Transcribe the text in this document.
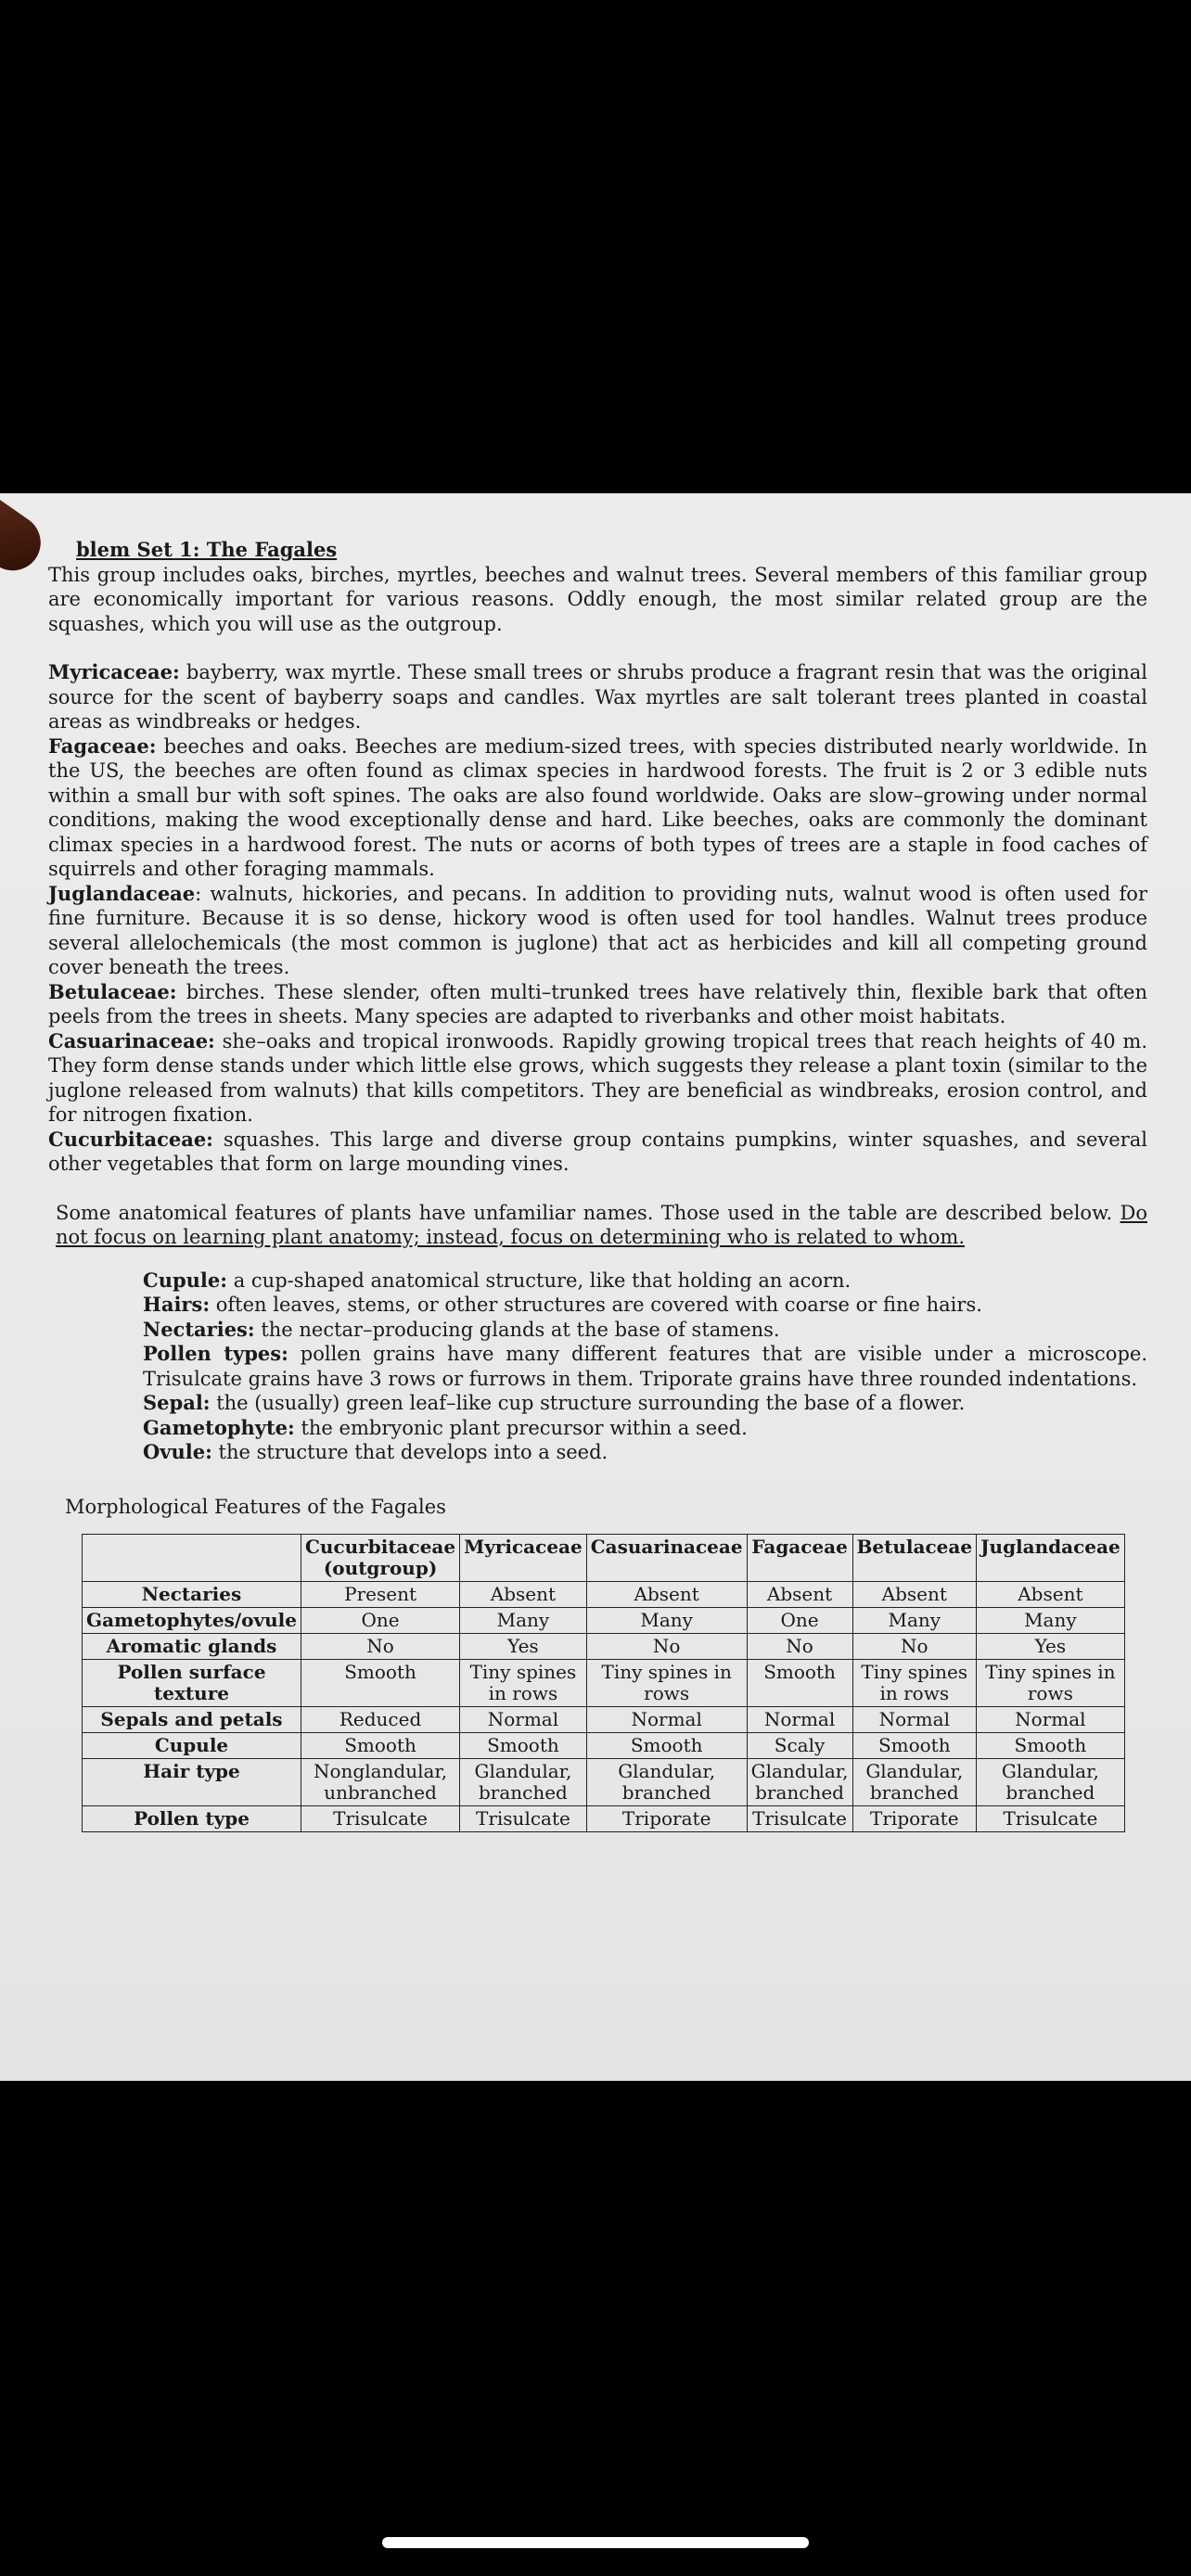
blem Set 1: The Fagales

This group includes oaks, birches, myrtles, beeches and walnut trees. Several members of this familiar group are economically important for various reasons. Oddly enough, the most similar related group are the squashes, which you will use as the outgroup.

Myricaceae: bayberry, wax myrtle. These small trees or shrubs produce a fragrant resin that was the original source for the scent of bayberry soaps and candles. Wax myrtles are salt tolerant trees planted in coastal areas as windbreaks or hedges.

Fagaceae: beeches and oaks. Beeches are medium-sized trees, with species distributed nearly worldwide. In the US, the beeches are often found as climax species in hardwood forests. The fruit is 2 or 3 edible nuts within a small bur with soft spines. The oaks are also found worldwide. Oaks are slow–growing under normal conditions, making the wood exceptionally dense and hard. Like beeches, oaks are commonly the dominant climax species in a hardwood forest. The nuts or acorns of both types of trees are a staple in food caches of squirrels and other foraging mammals.

Juglandaceae: walnuts, hickories, and pecans. In addition to providing nuts, walnut wood is often used for fine furniture. Because it is so dense, hickory wood is often used for tool handles. Walnut trees produce several allelochemicals (the most common is juglone) that act as herbicides and kill all competing ground cover beneath the trees.

Betulaceae: birches. These slender, often multi–trunked trees have relatively thin, flexible bark that often peels from the trees in sheets. Many species are adapted to riverbanks and other moist habitats.

Casuarinaceae: she–oaks and tropical ironwoods. Rapidly growing tropical trees that reach heights of 40 m. They form dense stands under which little else grows, which suggests they release a plant toxin (similar to the juglone released from walnuts) that kills competitors. They are beneficial as windbreaks, erosion control, and for nitrogen fixation.

Cucurbitaceae: squashes. This large and diverse group contains pumpkins, winter squashes, and several other vegetables that form on large mounding vines.

Some anatomical features of plants have unfamiliar names. Those used in the table are described below. Do not focus on learning plant anatomy; instead, focus on determining who is related to whom.

Cupule: a cup-shaped anatomical structure, like that holding an acorn.

Hairs: often leaves, stems, or other structures are covered with coarse or fine hairs.

Nectaries: the nectar–producing glands at the base of stamens.

Pollen types: pollen grains have many different features that are visible under a microscope. Trisulcate grains have 3 rows or furrows in them. Triporate grains have three rounded indentations.

Sepal: the (usually) green leaf–like cup structure surrounding the base of a flower.

Gametophyte: the embryonic plant precursor within a seed.

Ovule: the structure that develops into a seed.

Morphological Features of the Fagales
	Cucurbitaceae (outgroup)	Myricaceae	Casuarinaceae	Fagaceae	Betulaceae	Juglandaceae
Nectaries	Present	Absent	Absent	Absent	Absent	Absent
Gametophytes/ovule	One	Many	Many	One	Many	Many
Aromatic glands	No	Yes	No	No	No	Yes
Pollen surface texture	Smooth	Tiny spines in rows	Tiny spines in rows	Smooth	Tiny spines in rows	Tiny spines in rows
Sepals and petals	Reduced	Normal	Normal	Normal	Normal	Normal
Cupule	Smooth	Smooth	Smooth	Scaly	Smooth	Smooth
Hair type	Nonglandular, unbranched	Glandular, branched	Glandular, branched	Glandular, branched	Glandular, branched	Glandular, branched
Pollen type	Trisulcate	Trisulcate	Triporate	Trisulcate	Triporate	Trisulcate
